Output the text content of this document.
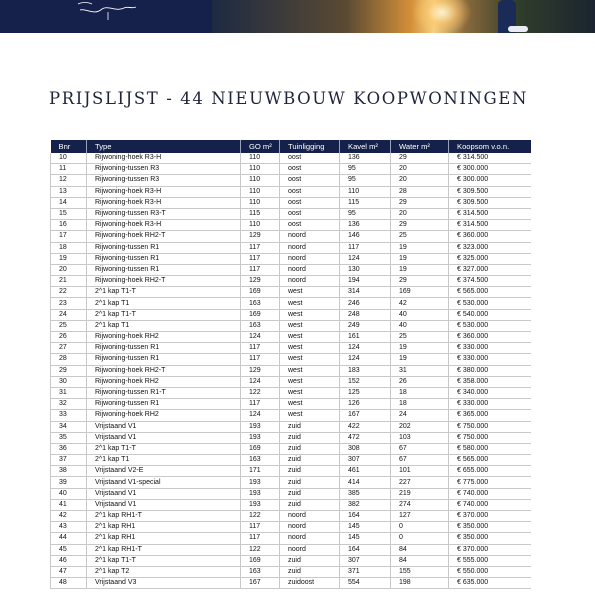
PRIJSLIJST - 44 NIEUWBOUW KOOPWONINGEN
Bnr	Type	GO m²	Tuinligging	Kavel m²	Water m²	Koopsom v.o.n.
10	Rijwoning-hoek R3-H	110	oost	136	29	€ 314.500
11	Rijwoning-tussen R3	110	oost	95	20	€ 300.000
12	Rijwoning-tussen R3	110	oost	95	20	€ 300.000
13	Rijwoning-hoek R3-H	110	oost	110	28	€ 309.500
14	Rijwoning-hoek R3-H	110	oost	115	29	€ 309.500
15	Rijwoning-tussen R3-T	115	oost	95	20	€ 314.500
16	Rijwoning-hoek R3-H	110	oost	136	29	€ 314.500
17	Rijwoning-hoek RH2-T	129	noord	146	25	€ 360.000
18	Rijwoning-tussen R1	117	noord	117	19	€ 323.000
19	Rijwoning-tussen R1	117	noord	124	19	€ 325.000
20	Rijwoning-tussen R1	117	noord	130	19	€ 327.000
21	Rijwoning-hoek RH2-T	129	noord	194	29	€ 374.500
22	2^1 kap T1-T	169	west	314	169	€ 565.000
23	2^1 kap T1	163	west	246	42	€ 530.000
24	2^1 kap T1-T	169	west	248	40	€ 540.000
25	2^1 kap T1	163	west	249	40	€ 530.000
26	Rijwoning-hoek RH2	124	west	161	25	€ 360.000
27	Rijwoning-tussen R1	117	west	124	19	€ 330.000
28	Rijwoning-tussen R1	117	west	124	19	€ 330.000
29	Rijwoning-hoek RH2-T	129	west	183	31	€ 380.000
30	Rijwoning-hoek RH2	124	west	152	26	€ 358.000
31	Rijwoning-tussen R1-T	122	west	125	18	€ 340.000
32	Rijwoning-tussen R1	117	west	126	18	€ 330.000
33	Rijwoning-hoek RH2	124	west	167	24	€ 365.000
34	Vrijstaand V1	193	zuid	422	202	€ 750.000
35	Vrijstaand V1	193	zuid	472	103	€ 750.000
36	2^1 kap T1-T	169	zuid	308	67	€ 580.000
37	2^1 kap T1	163	zuid	307	67	€ 565.000
38	Vrijstaand V2-E	171	zuid	461	101	€ 655.000
39	Vrijstaand V1-special	193	zuid	414	227	€ 775.000
40	Vrijstaand V1	193	zuid	385	219	€ 740.000
41	Vrijstaand V1	193	zuid	382	274	€ 740.000
42	2^1 kap RH1-T	122	noord	164	127	€ 370.000
43	2^1 kap RH1	117	noord	145	0	€ 350.000
44	2^1 kap RH1	117	noord	145	0	€ 350.000
45	2^1 kap RH1-T	122	noord	164	84	€ 370.000
46	2^1 kap T1-T	169	zuid	307	84	€ 555.000
47	2^1 kap T2	163	zuid	371	155	€ 550.000
48	Vrijstaand V3	167	zuidoost	554	198	€ 635.000
